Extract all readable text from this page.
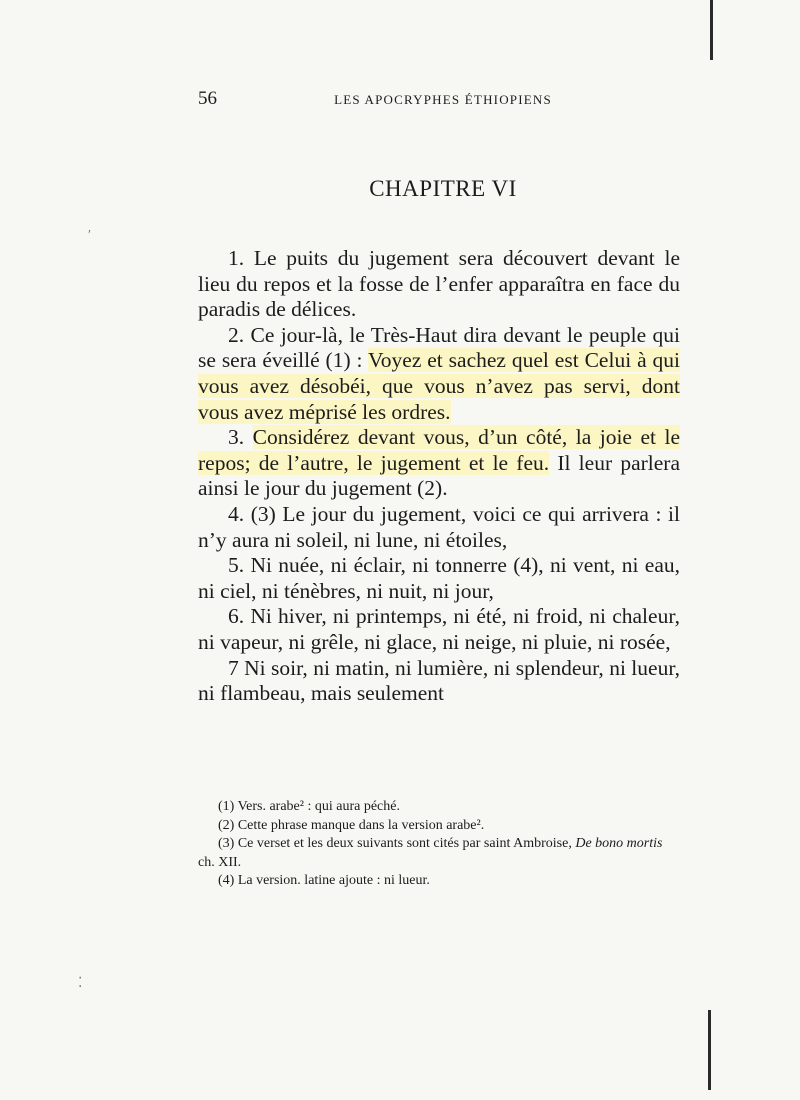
′
⁚
56	LES APOCRYPHES ÉTHIOPIENS
CHAPITRE VI

1. Le puits du jugement sera découvert devant le lieu du repos et la fosse de l’enfer apparaîtra en face du paradis de délices.

2. Ce jour-là, le Très-Haut dira devant le peuple qui se sera éveillé (1) : Voyez et sachez quel est Celui à qui vous avez désobéi, que vous n’avez pas servi, dont vous avez méprisé les ordres.

3. Considérez devant vous, d’un côté, la joie et le repos; de l’autre, le jugement et le feu. Il leur parlera ainsi le jour du jugement (2).

4. (3) Le jour du jugement, voici ce qui arrivera : il n’y aura ni soleil, ni lune, ni étoiles,

5. Ni nuée, ni éclair, ni tonnerre (4), ni vent, ni eau, ni ciel, ni ténèbres, ni nuit, ni jour,

6. Ni hiver, ni printemps, ni été, ni froid, ni chaleur, ni vapeur, ni grêle, ni glace, ni neige, ni pluie, ni rosée,

7 Ni soir, ni matin, ni lumière, ni splendeur, ni lueur, ni flambeau, mais seulement

(1) Vers. arabe² : qui aura péché.

(2) Cette phrase manque dans la version arabe².

(3) Ce verset et les deux suivants sont cités par saint Ambroise, De bono mortis ch. XII.

(4) La version. latine ajoute : ni lueur.
